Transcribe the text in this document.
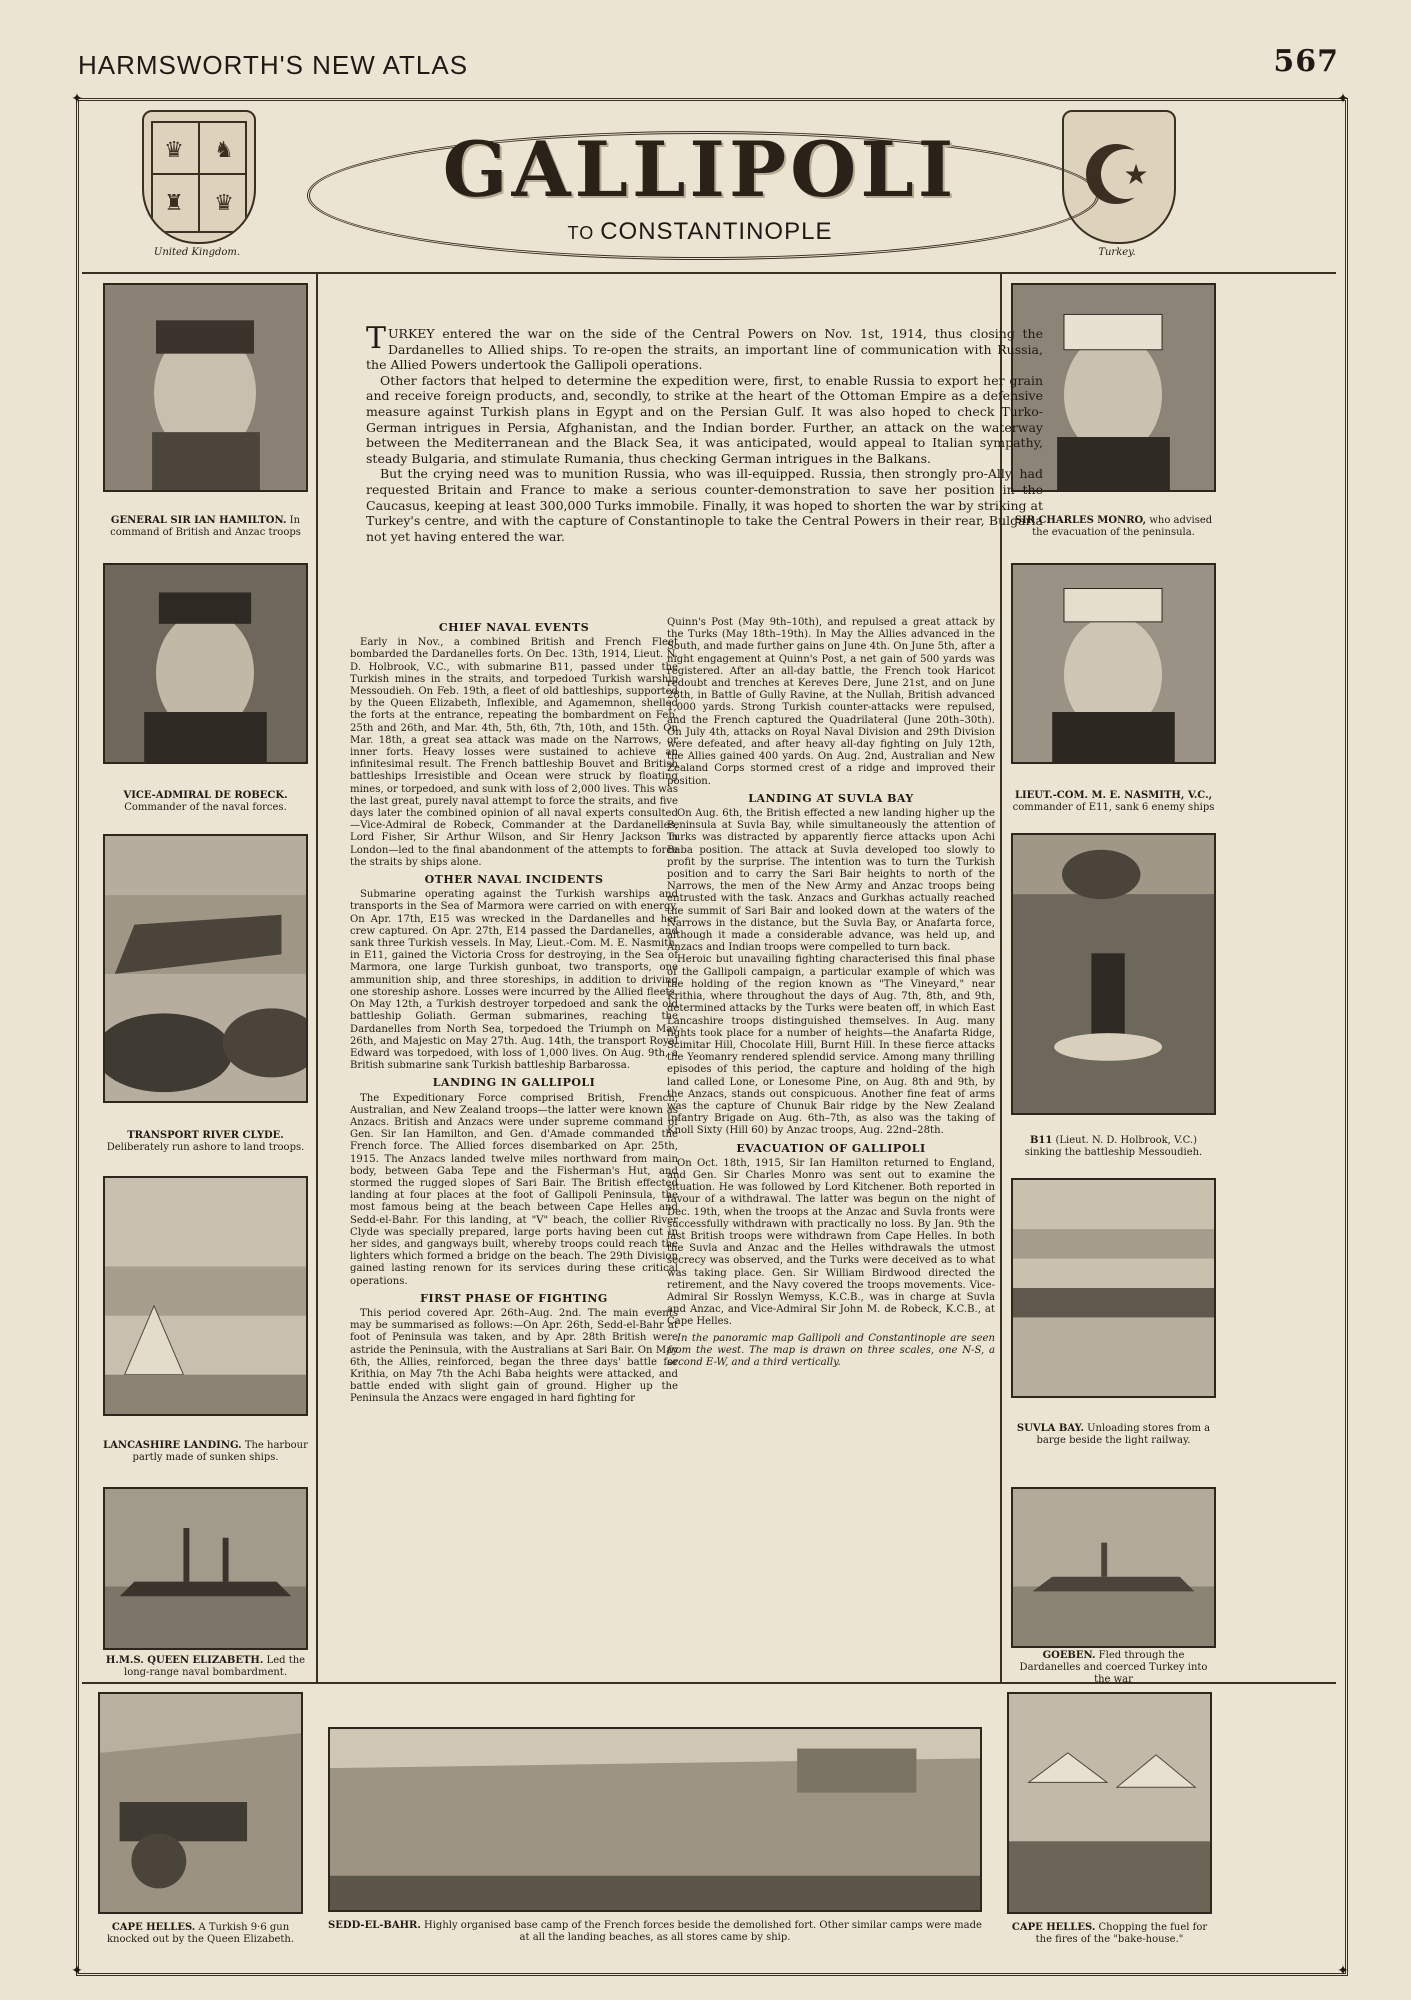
HARMSWORTH'S NEW ATLAS	567
✦	✦
✦	✦
♛ ♞
♜ ♛
United Kingdom.
★
Turkey.
GALLIPOLI
TO CONSTANTINOPLE
GENERAL SIR IAN HAMILTON. In command of British and Anzac troops
VICE-ADMIRAL DE ROBECK. Commander of the naval forces.
TRANSPORT RIVER CLYDE. Deliberately run ashore to land troops.
LANCASHIRE LANDING. The harbour partly made of sunken ships.
H.M.S. QUEEN ELIZABETH. Led the long-range naval bombardment.
SIR CHARLES MONRO, who advised the evacuation of the peninsula.
LIEUT.-COM. M. E. NASMITH, V.C., commander of E11, sank 6 enemy ships
B11 (Lieut. N. D. Holbrook, V.C.) sinking the battleship Messoudieh.
SUVLA BAY. Unloading stores from a barge beside the light railway.
GOEBEN. Fled through the Dardanelles and coerced Turkey into the war
CAPE HELLES. A Turkish 9·6 gun knocked out by the Queen Elizabeth.
SEDD-EL-BAHR. Highly organised base camp of the French forces beside the demolished fort. Other similar camps were made at all the landing beaches, as all stores came by ship.
CAPE HELLES. Chopping the fuel for the fires of the "bake-house."

TURKEY entered the war on the side of the Central Powers on Nov. 1st, 1914, thus closing the Dardanelles to Allied ships. To re-open the straits, an important line of communication with Russia, the Allied Powers undertook the Gallipoli operations.

Other factors that helped to determine the expedition were, first, to enable Russia to export her grain and receive foreign products, and, secondly, to strike at the heart of the Ottoman Empire as a defensive measure against Turkish plans in Egypt and on the Persian Gulf. It was also hoped to check Turko-German intrigues in Persia, Afghanistan, and the Indian border. Further, an attack on the waterway between the Mediterranean and the Black Sea, it was anticipated, would appeal to Italian sympathy, steady Bulgaria, and stimulate Rumania, thus checking German intrigues in the Balkans.

But the crying need was to munition Russia, who was ill-equipped. Russia, then strongly pro-Ally, had requested Britain and France to make a serious counter-demonstration to save her position in the Caucasus, keeping at least 300,000 Turks immobile. Finally, it was hoped to shorten the war by striking at Turkey's centre, and with the capture of Constantinople to take the Central Powers in their rear, Bulgaria not yet having entered the war.

CHIEF NAVAL EVENTS

Early in Nov., a combined British and French Fleet bombarded the Dardanelles forts. On Dec. 13th, 1914, Lieut. N. D. Holbrook, V.C., with submarine B11, passed under the Turkish mines in the straits, and torpedoed Turkish warship Messoudieh. On Feb. 19th, a fleet of old battleships, supported by the Queen Elizabeth, Inflexible, and Agamemnon, shelled the forts at the entrance, repeating the bombardment on Feb. 25th and 26th, and Mar. 4th, 5th, 6th, 7th, 10th, and 15th. On Mar. 18th, a great sea attack was made on the Narrows, or inner forts. Heavy losses were sustained to achieve an infinitesimal result. The French battleship Bouvet and British battleships Irresistible and Ocean were struck by floating mines, or torpedoed, and sunk with loss of 2,000 lives. This was the last great, purely naval attempt to force the straits, and five days later the combined opinion of all naval experts consulted—Vice-Admiral de Robeck, Commander at the Dardanelles, Lord Fisher, Sir Arthur Wilson, and Sir Henry Jackson in London—led to the final abandonment of the attempts to force the straits by ships alone.

OTHER NAVAL INCIDENTS

Submarine operating against the Turkish warships and transports in the Sea of Marmora were carried on with energy. On Apr. 17th, E15 was wrecked in the Dardanelles and her crew captured. On Apr. 27th, E14 passed the Dardanelles, and sank three Turkish vessels. In May, Lieut.-Com. M. E. Nasmith, in E11, gained the Victoria Cross for destroying, in the Sea of Marmora, one large Turkish gunboat, two transports, one ammunition ship, and three storeships, in addition to driving one storeship ashore. Losses were incurred by the Allied fleets. On May 12th, a Turkish destroyer torpedoed and sank the old battleship Goliath. German submarines, reaching the Dardanelles from North Sea, torpedoed the Triumph on May 26th, and Majestic on May 27th. Aug. 14th, the transport Royal Edward was torpedoed, with loss of 1,000 lives. On Aug. 9th, a British submarine sank Turkish battleship Barbarossa.

LANDING IN GALLIPOLI

The Expeditionary Force comprised British, French, Australian, and New Zealand troops—the latter were known as Anzacs. British and Anzacs were under supreme command of Gen. Sir Ian Hamilton, and Gen. d'Amade commanded the French force. The Allied forces disembarked on Apr. 25th, 1915. The Anzacs landed twelve miles northward from main body, between Gaba Tepe and the Fisherman's Hut, and stormed the rugged slopes of Sari Bair. The British effected landing at four places at the foot of Gallipoli Peninsula, the most famous being at the beach between Cape Helles and Sedd-el-Bahr. For this landing, at "V" beach, the collier River Clyde was specially prepared, large ports having been cut in her sides, and gangways built, whereby troops could reach the lighters which formed a bridge on the beach. The 29th Division gained lasting renown for its services during these critical operations.

FIRST PHASE OF FIGHTING

This period covered Apr. 26th–Aug. 2nd. The main events may be summarised as follows:—On Apr. 26th, Sedd-el-Bahr at foot of Peninsula was taken, and by Apr. 28th British were astride the Peninsula, with the Australians at Sari Bair. On May 6th, the Allies, reinforced, began the three days' battle for Krithia, on May 7th the Achi Baba heights were attacked, and battle ended with slight gain of ground. Higher up the Peninsula the Anzacs were engaged in hard fighting for

Quinn's Post (May 9th–10th), and repulsed a great attack by the Turks (May 18th–19th). In May the Allies advanced in the South, and made further gains on June 4th. On June 5th, after a night engagement at Quinn's Post, a net gain of 500 yards was registered. After an all-day battle, the French took Haricot redoubt and trenches at Kereves Dere, June 21st, and on June 28th, in Battle of Gully Ravine, at the Nullah, British advanced 1,000 yards. Strong Turkish counter-attacks were repulsed, and the French captured the Quadrilateral (June 20th–30th). On July 4th, attacks on Royal Naval Division and 29th Division were defeated, and after heavy all-day fighting on July 12th, the Allies gained 400 yards. On Aug. 2nd, Australian and New Zealand Corps stormed crest of a ridge and improved their position.

LANDING AT SUVLA BAY

On Aug. 6th, the British effected a new landing higher up the Peninsula at Suvla Bay, while simultaneously the attention of Turks was distracted by apparently fierce attacks upon Achi Baba position. The attack at Suvla developed too slowly to profit by the surprise. The intention was to turn the Turkish position and to carry the Sari Bair heights to north of the Narrows, the men of the New Army and Anzac troops being entrusted with the task. Anzacs and Gurkhas actually reached the summit of Sari Bair and looked down at the waters of the Narrows in the distance, but the Suvla Bay, or Anafarta force, although it made a considerable advance, was held up, and Anzacs and Indian troops were compelled to turn back.

Heroic but unavailing fighting characterised this final phase of the Gallipoli campaign, a particular example of which was the holding of the region known as "The Vineyard," near Krithia, where throughout the days of Aug. 7th, 8th, and 9th, determined attacks by the Turks were beaten off, in which East Lancashire troops distinguished themselves. In Aug. many fights took place for a number of heights—the Anafarta Ridge, Scimitar Hill, Chocolate Hill, Burnt Hill. In these fierce attacks the Yeomanry rendered splendid service. Among many thrilling episodes of this period, the capture and holding of the high land called Lone, or Lonesome Pine, on Aug. 8th and 9th, by the Anzacs, stands out conspicuous. Another fine feat of arms was the capture of Chunuk Bair ridge by the New Zealand Infantry Brigade on Aug. 6th–7th, as also was the taking of Knoll Sixty (Hill 60) by Anzac troops, Aug. 22nd–28th.

EVACUATION OF GALLIPOLI

On Oct. 18th, 1915, Sir Ian Hamilton returned to England, and Gen. Sir Charles Monro was sent out to examine the situation. He was followed by Lord Kitchener. Both reported in favour of a withdrawal. The latter was begun on the night of Dec. 19th, when the troops at the Anzac and Suvla fronts were successfully withdrawn with practically no loss. By Jan. 9th the last British troops were withdrawn from Cape Helles. In both the Suvla and Anzac and the Helles withdrawals the utmost secrecy was observed, and the Turks were deceived as to what was taking place. Gen. Sir William Birdwood directed the retirement, and the Navy covered the troops movements. Vice-Admiral Sir Rosslyn Wemyss, K.C.B., was in charge at Suvla and Anzac, and Vice-Admiral Sir John M. de Robeck, K.C.B., at Cape Helles.

In the panoramic map Gallipoli and Constantinople are seen from the west. The map is drawn on three scales, one N-S, a second E-W, and a third vertically.
